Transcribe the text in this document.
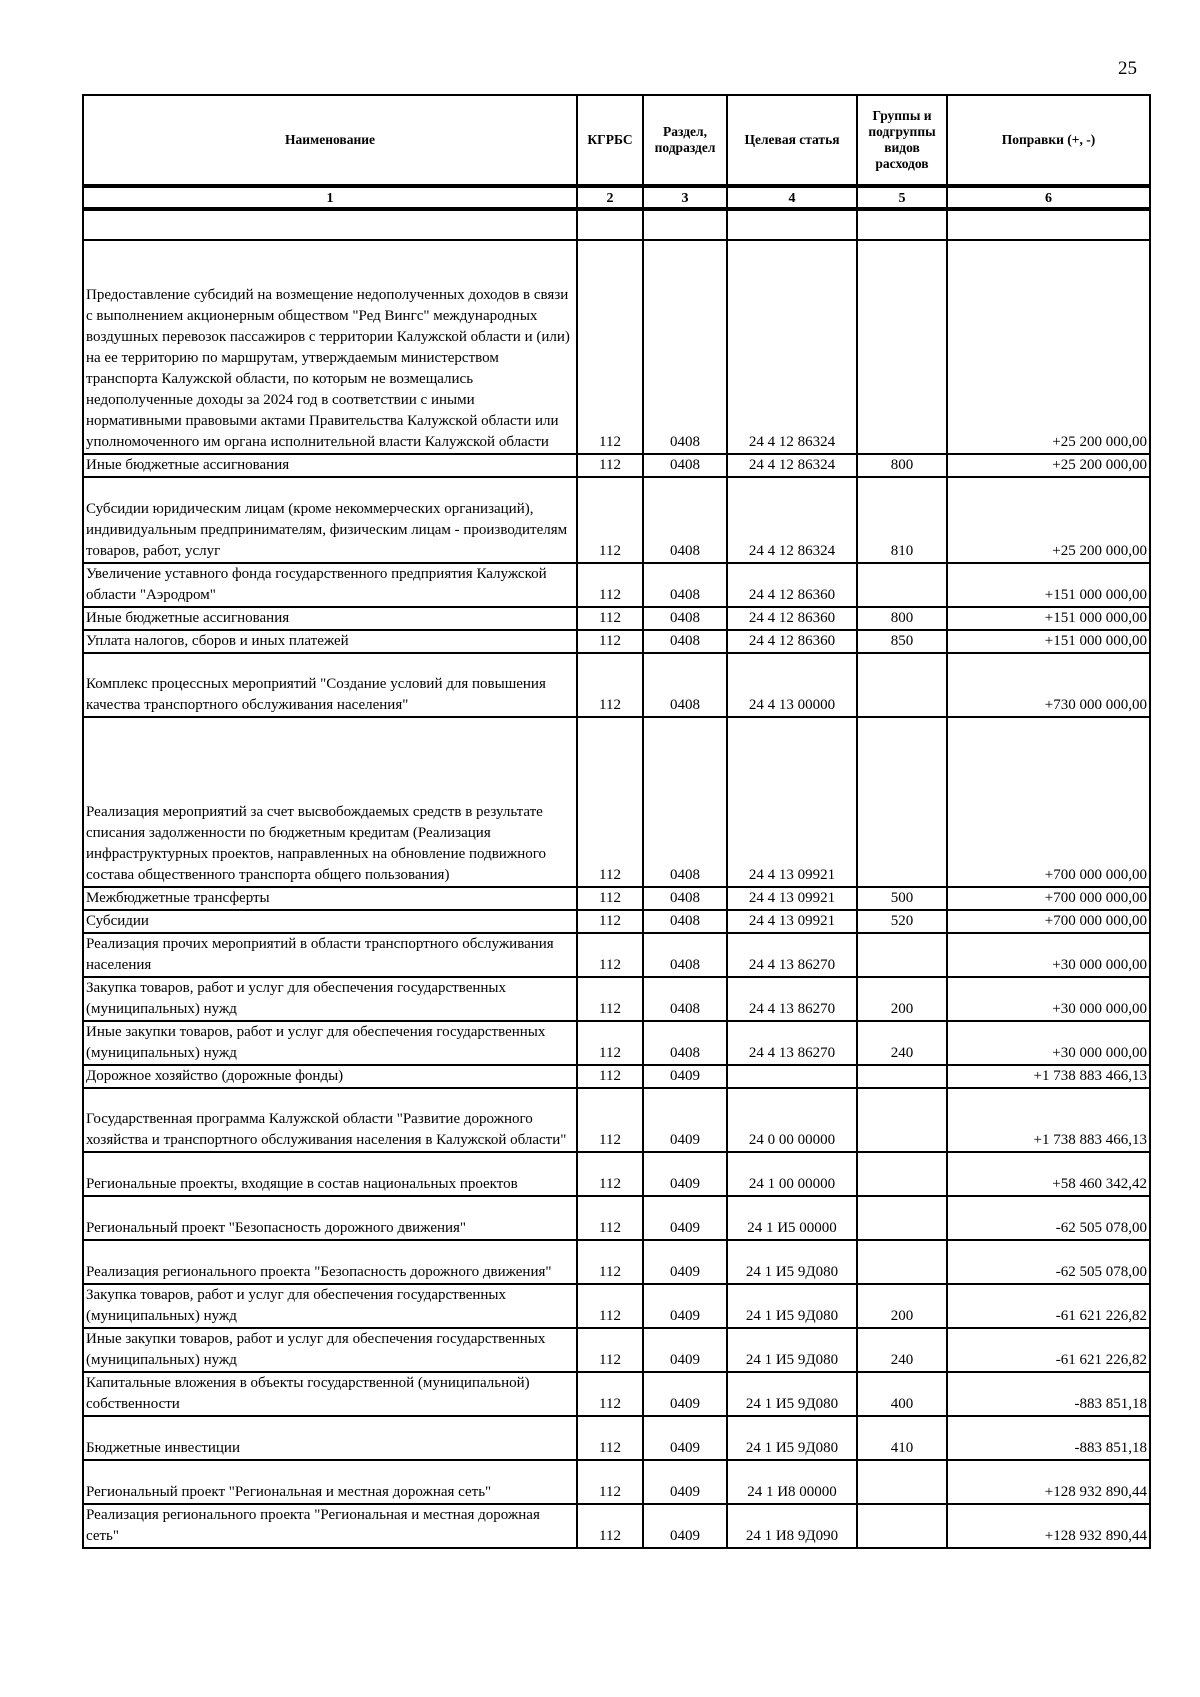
25
Наименование	КГРБС	Раздел, подраздел	Целевая статья	Группы и подгруппы видов расходов	Поправки (+, -)
1	2	3	4	5	6

Предоставление субсидий на возмещение недополученных доходов в связи с выполнением акционерным обществом "Ред Вингс" международных воздушных перевозок пассажиров с территории Калужской области и (или) на ее территорию по маршрутам, утверждаемым министерством транспорта Калужской области, по которым не возмещались недополученные доходы за 2024 год в соответствии с иными нормативными правовыми актами Правительства Калужской области или уполномоченного им органа исполнительной власти Калужской области	112	0408	24 4 12 86324		+25 200 000,00
Иные бюджетные ассигнования	112	0408	24 4 12 86324	800	+25 200 000,00
Субсидии юридическим лицам (кроме некоммерческих организаций), индивидуальным предпринимателям, физическим лицам - производителям товаров, работ, услуг	112	0408	24 4 12 86324	810	+25 200 000,00
Увеличение уставного фонда государственного предприятия Калужской области "Аэродром"	112	0408	24 4 12 86360		+151 000 000,00
Иные бюджетные ассигнования	112	0408	24 4 12 86360	800	+151 000 000,00
Уплата налогов, сборов и иных платежей	112	0408	24 4 12 86360	850	+151 000 000,00
Комплекс процессных мероприятий "Создание условий для повышения качества транспортного обслуживания населения"	112	0408	24 4 13 00000		+730 000 000,00
Реализация мероприятий за счет высвобождаемых средств в результате списания задолженности по бюджетным кредитам (Реализация инфраструктурных проектов, направленных на обновление подвижного состава общественного транспорта общего пользования)	112	0408	24 4 13 09921		+700 000 000,00
Межбюджетные трансферты	112	0408	24 4 13 09921	500	+700 000 000,00
Субсидии	112	0408	24 4 13 09921	520	+700 000 000,00
Реализация прочих мероприятий в области транспортного обслуживания населения	112	0408	24 4 13 86270		+30 000 000,00
Закупка товаров, работ и услуг для обеспечения государственных (муниципальных) нужд	112	0408	24 4 13 86270	200	+30 000 000,00
Иные закупки товаров, работ и услуг для обеспечения государственных (муниципальных) нужд	112	0408	24 4 13 86270	240	+30 000 000,00
Дорожное хозяйство (дорожные фонды)	112	0409			+1 738 883 466,13
Государственная программа Калужской области "Развитие дорожного хозяйства и транспортного обслуживания населения в Калужской области"	112	0409	24 0 00 00000		+1 738 883 466,13
Региональные проекты, входящие в состав национальных проектов	112	0409	24 1 00 00000		+58 460 342,42
Региональный проект "Безопасность дорожного движения"	112	0409	24 1 И5 00000		-62 505 078,00
Реализация регионального проекта "Безопасность дорожного движения"	112	0409	24 1 И5 9Д080		-62 505 078,00
Закупка товаров, работ и услуг для обеспечения государственных (муниципальных) нужд	112	0409	24 1 И5 9Д080	200	-61 621 226,82
Иные закупки товаров, работ и услуг для обеспечения государственных (муниципальных) нужд	112	0409	24 1 И5 9Д080	240	-61 621 226,82
Капитальные вложения в объекты государственной (муниципальной) собственности	112	0409	24 1 И5 9Д080	400	-883 851,18
Бюджетные инвестиции	112	0409	24 1 И5 9Д080	410	-883 851,18
Региональный проект "Региональная и местная дорожная сеть"	112	0409	24 1 И8 00000		+128 932 890,44
Реализация регионального проекта "Региональная и местная дорожная сеть"	112	0409	24 1 И8 9Д090		+128 932 890,44
